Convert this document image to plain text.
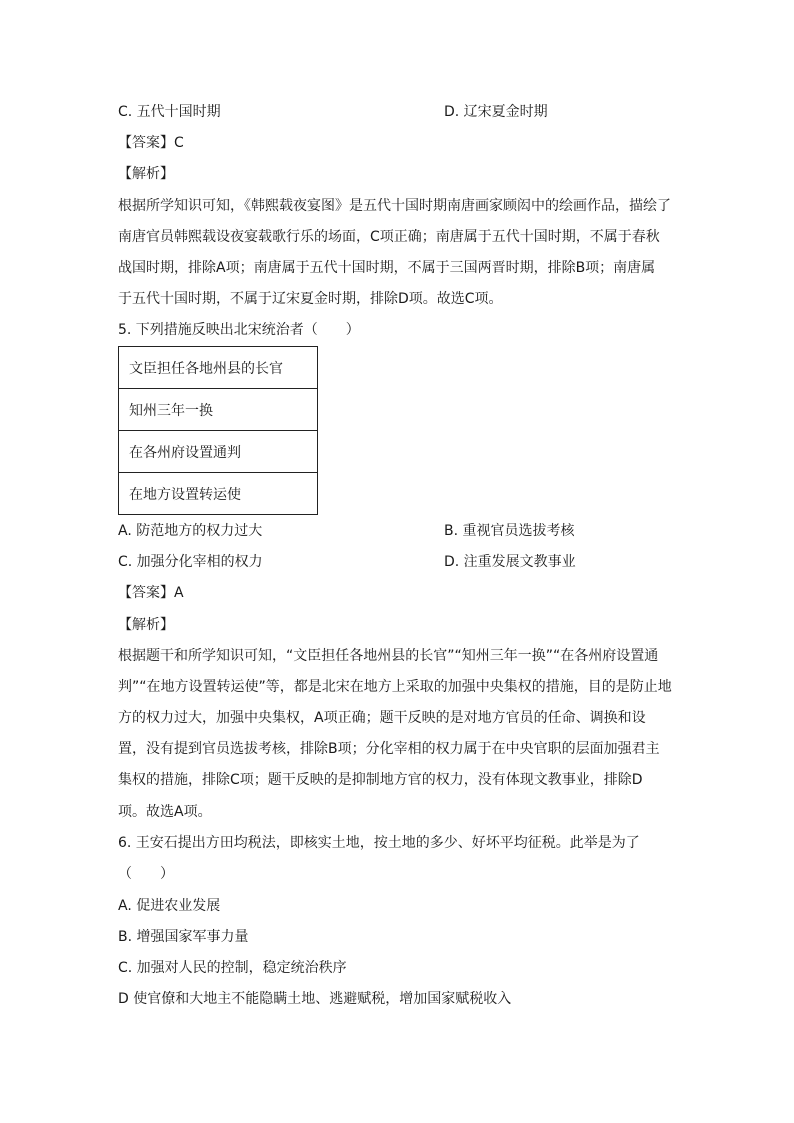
C. 五代十国时期	D. 辽宋夏金时期
【答案】C
【解析】
根据所学知识可知，《韩熙载夜宴图》是五代十国时期南唐画家顾闳中的绘画作品，描绘了
南唐官员韩熙载设夜宴载歌行乐的场面，C项正确；南唐属于五代十国时期，不属于春秋
战国时期，排除A项；南唐属于五代十国时期，不属于三国两晋时期，排除B项；南唐属
于五代十国时期，不属于辽宋夏金时期，排除D项。故选C项。
5. 下列措施反映出北宋统治者（　　）
文臣担任各地州县的长官
知州三年一换
在各州府设置通判
在地方设置转运使
A. 防范地方的权力过大	B. 重视官员选拔考核
C. 加强分化宰相的权力	D. 注重发展文教事业
【答案】A
【解析】
根据题干和所学知识可知，“文臣担任各地州县的长官”“知州三年一换”“在各州府设置通
判”“在地方设置转运使”等，都是北宋在地方上采取的加强中央集权的措施，目的是防止地
方的权力过大，加强中央集权，A项正确；题干反映的是对地方官员的任命、调换和设
置，没有提到官员选拔考核，排除B项；分化宰相的权力属于在中央官职的层面加强君主
集权的措施，排除C项；题干反映的是抑制地方官的权力，没有体现文教事业，排除D
项。故选A项。
6. 王安石提出方田均税法，即核实土地，按土地的多少、好坏平均征税。此举是为了
（　　）
A. 促进农业发展
B. 增强国家军事力量
C. 加强对人民的控制，稳定统治秩序
D 使官僚和大地主不能隐瞒土地、逃避赋税，增加国家赋税收入
